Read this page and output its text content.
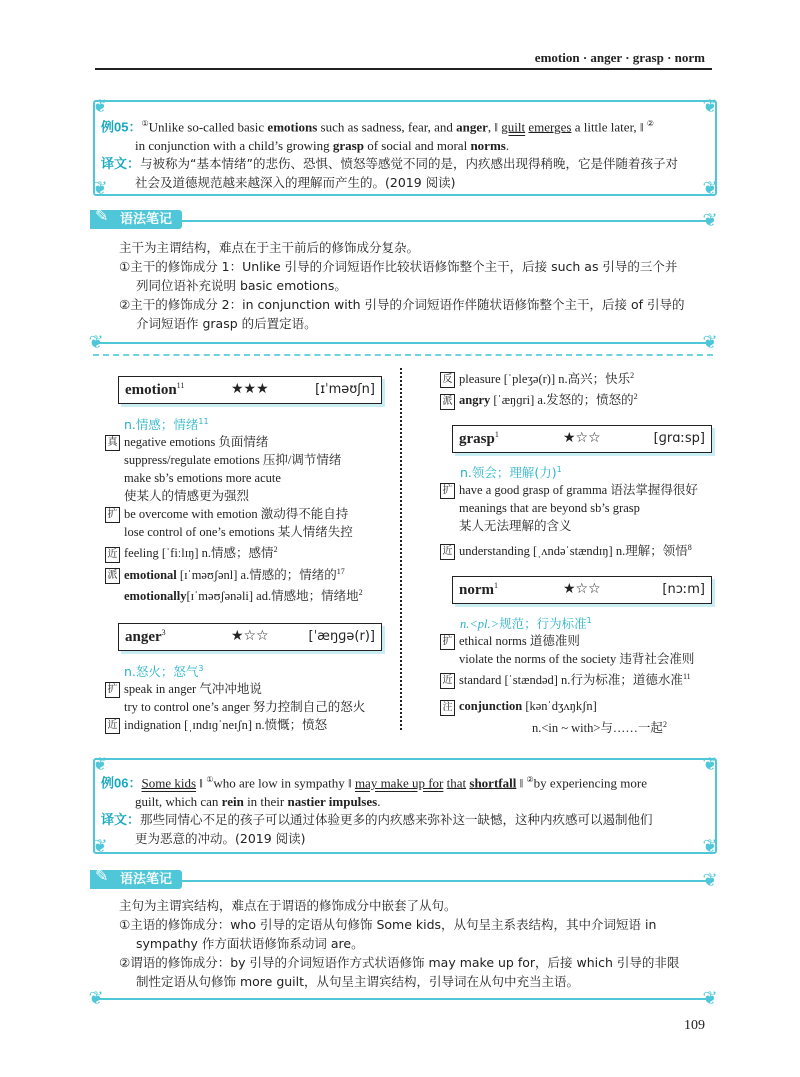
emotion · anger · grasp · norm
❦	❦
❦	❦
例05：①Unlike so-called basic emotions such as sadness, fear, and anger, ‖ guilt emerges a little later, ‖ ②
in conjunction with a child’s growing grasp of social and moral norms.
译文：与被称为“基本情绪”的悲伤、恐惧、愤怒等感觉不同的是，内疚感出现得稍晚，它是伴随着孩子对
社会及道德规范越来越深入的理解而产生的。(2019 阅读)
语法笔记
✎	❦
❦	❦
主干为主谓结构，难点在于主干前后的修饰成分复杂。
①主干的修饰成分 1：Unlike 引导的介词短语作比较状语修饰整个主干，后接 such as 引导的三个并
列同位语补充说明 basic emotions。
②主干的修饰成分 2：in conjunction with 引导的介词短语作伴随状语修饰整个主干，后接 of 引导的
介词短语作 grasp 的后置定语。
emotion$^{11}$	★★★	[ɪˈməʊʃn]
n.情感；情绪$^{11}$
真 negative emotions 负面情绪
suppress/regulate emotions 压抑/调节情绪
make sb’s emotions more acute
使某人的情感更为强烈
扩 be overcome with emotion 激动得不能自持
lose control of one’s emotions 某人情绪失控
近 feeling [ˈfiːlɪŋ] n.情感；感情$^2$
派 emotional [ɪˈməʊʃənl] a.情感的；情绪的$^{17}$
emotionally[ɪˈməʊʃənəli] ad.情感地；情绪地$^2$
anger$^3$	★☆☆	[ˈæŋɡə(r)]
n.怒火；怒气$^3$
扩 speak in anger 气冲冲地说
try to control one’s anger 努力控制自己的怒火
近 indignation [ˌɪndɪɡˈneɪʃn] n.愤慨；愤怒
反 pleasure [ˈpleʒə(r)] n.高兴；快乐$^2$
派 angry [ˈæŋɡri] a.发怒的；愤怒的$^2$
grasp$^1$	★☆☆	[ɡrɑːsp]
n.领会；理解(力)$^1$
扩 have a good grasp of gramma 语法掌握得很好
meanings that are beyond sb’s grasp
某人无法理解的含义
近 understanding [ˌʌndəˈstændɪŋ] n.理解；领悟$^8$
norm$^1$	★☆☆	[nɔːm]
n.<pl.>规范；行为标准$^1$
扩 ethical norms 道德准则
violate the norms of the society 违背社会准则
近 standard [ˈstændəd] n.行为标准；道德水准$^{11}$
注 conjunction [kənˈdʒʌŋkʃn]
n.<in ~ with>与……一起$^2$
❦	❦
❦	❦
例06：Some kids ‖ ①who are low in sympathy ‖ may make up for that shortfall ‖ ②by experiencing more
guilt, which can rein in their nastier impulses.
译文：那些同情心不足的孩子可以通过体验更多的内疚感来弥补这一缺憾，这种内疚感可以遏制他们
更为恶意的冲动。(2019 阅读)
语法笔记
✎	❦
❦	❦
主句为主谓宾结构，难点在于谓语的修饰成分中嵌套了从句。
①主语的修饰成分：who 引导的定语从句修饰 Some kids，从句呈主系表结构，其中介词短语 in
sympathy 作方面状语修饰系动词 are。
②谓语的修饰成分：by 引导的介词短语作方式状语修饰 may make up for，后接 which 引导的非限
制性定语从句修饰 more guilt，从句呈主谓宾结构，引导词在从句中充当主语。
109
